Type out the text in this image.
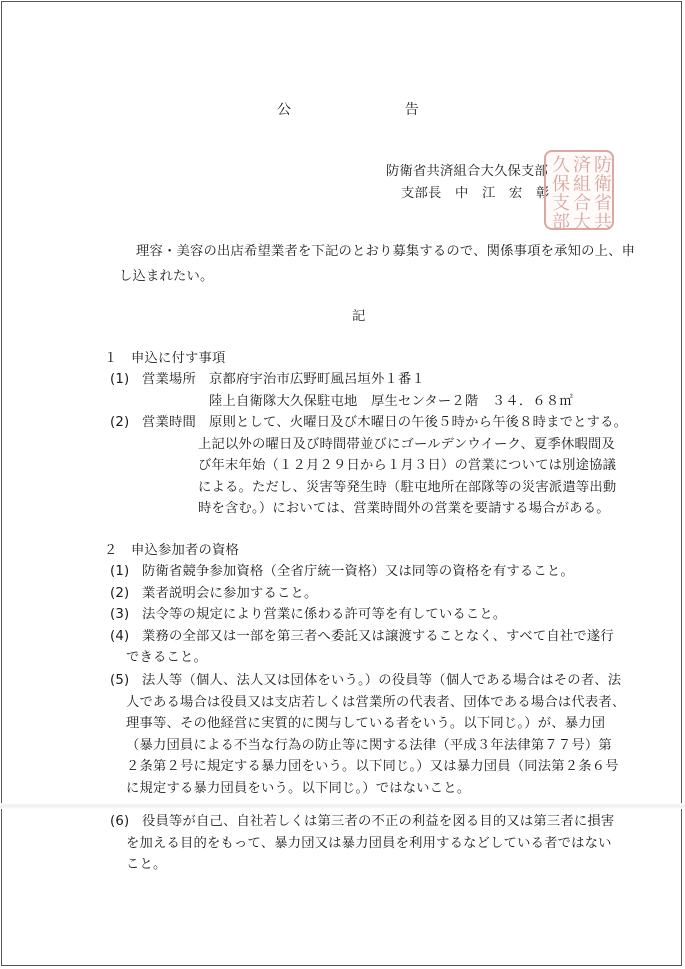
公　　　　　　　　告
防衛省共済組合大久保支部
支部長　中　江　宏　彰
防
衛
省
共
済
組
合
大
久
保
支
部
理容・美容の出店希望業者を下記のとおり募集するので、関係事項を承知の上、申
し込まれたい。
記
１　申込に付す事項
(1) 営業場所 京都府宇治市広野町風呂垣外１番１
陸上自衛隊大久保駐屯地　厚生センター２階　３４．６８㎡
(2) 営業時間 原則として、火曜日及び木曜日の午後５時から午後８時までとする。
上記以外の曜日及び時間帯並びにゴールデンウイーク、夏季休暇間及
び年末年始（１２月２９日から１月３日）の営業については別途協議
による。ただし、災害等発生時（駐屯地所在部隊等の災害派遣等出動
時を含む。）においては、営業時間外の営業を要請する場合がある。
２　申込参加者の資格
(1) 防衛省競争参加資格（全省庁統一資格）又は同等の資格を有すること。
(2) 業者説明会に参加すること。
(3) 法令等の規定により営業に係わる許可等を有していること。
(4) 業務の全部又は一部を第三者へ委託又は譲渡することなく、すべて自社で遂行
できること。
(5) 法人等（個人、法人又は団体をいう。）の役員等（個人である場合はその者、法
人である場合は役員又は支店若しくは営業所の代表者、団体である場合は代表者、
理事等、その他経営に実質的に関与している者をいう。以下同じ。）が、暴力団
（暴力団員による不当な行為の防止等に関する法律（平成３年法律第７７号）第
２条第２号に規定する暴力団をいう。以下同じ。）又は暴力団員（同法第２条６号
に規定する暴力団員をいう。以下同じ。）ではないこと。
(6) 役員等が自己、自社若しくは第三者の不正の利益を図る目的又は第三者に損害
を加える目的をもって、暴力団又は暴力団員を利用するなどしている者ではない
こと。
